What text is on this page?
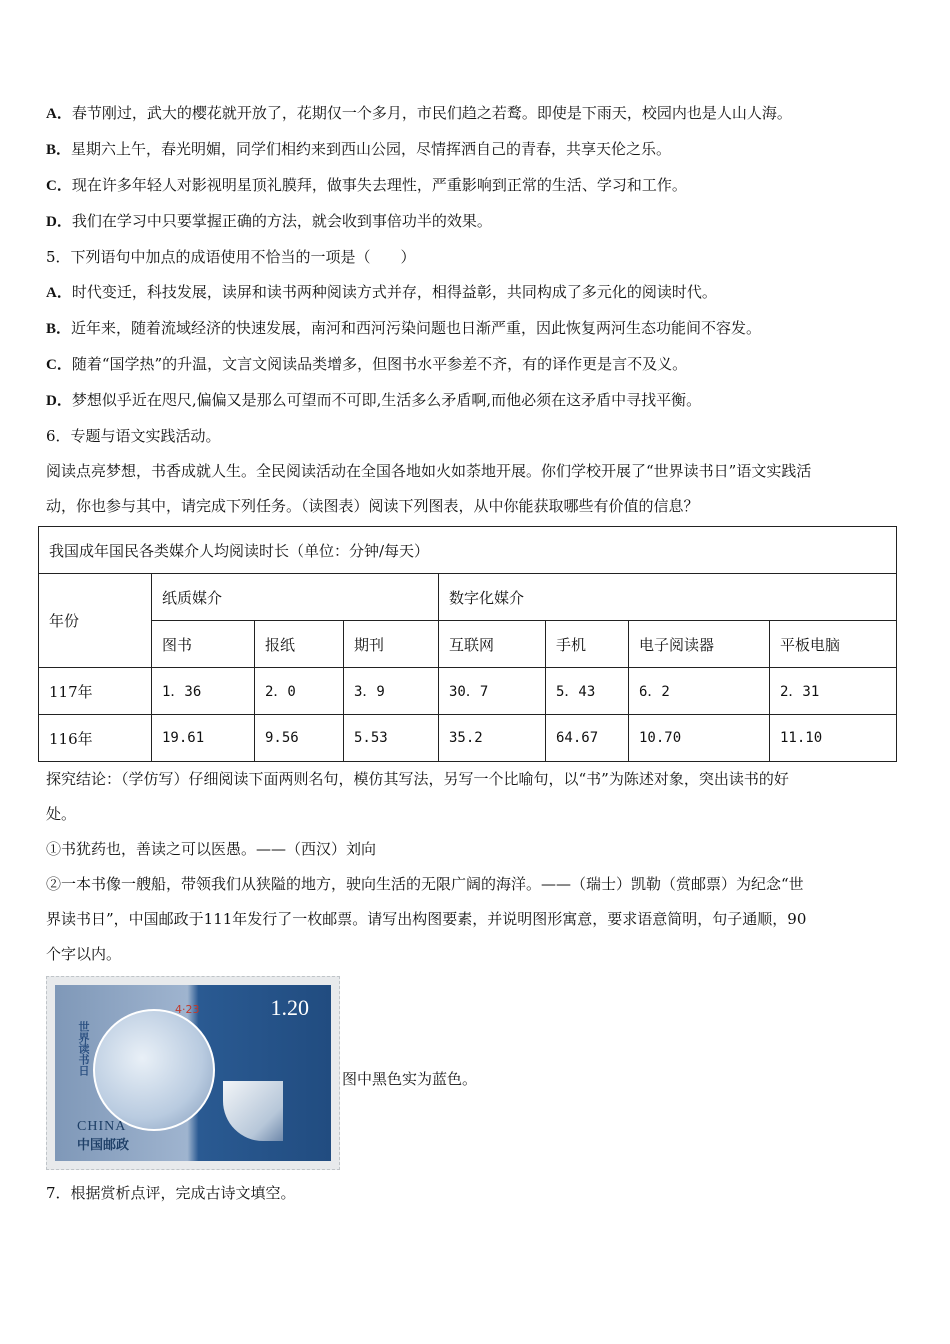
A．春节刚过，武大的樱花就开放了，花期仅一个多月，市民们趋之若鹜。即使是下雨天，校园内也是人山人海。
B．星期六上午，春光明媚，同学们相约来到西山公园，尽情挥洒自己的青春，共享天伦之乐。
C．现在许多年轻人对影视明星顶礼膜拜，做事失去理性，严重影响到正常的生活、学习和工作。
D．我们在学习中只要掌握正确的方法，就会收到事倍功半的效果。
5．下列语句中加点的成语使用不恰当的一项是（　　）
A．时代变迁，科技发展，读屏和读书两种阅读方式并存，相得益彰，共同构成了多元化的阅读时代。
B．近年来，随着流域经济的快速发展，南河和西河污染问题也日渐严重，因此恢复两河生态功能间不容发。
C．随着“国学热”的升温，文言文阅读品类增多，但图书水平参差不齐，有的译作更是言不及义。
D．梦想似乎近在咫尺,偏偏又是那么可望而不可即,生活多么矛盾啊,而他必须在这矛盾中寻找平衡。
6．专题与语文实践活动。
阅读点亮梦想，书香成就人生。全民阅读活动在全国各地如火如荼地开展。你们学校开展了“世界读书日”语文实践活
动，你也参与其中，请完成下列任务。（读图表）阅读下列图表，从中你能获取哪些有价值的信息？
我国成年国民各类媒介人均阅读时长（单位：分钟/每天）							
年份	纸质媒介			数字化媒介			
	图书	报纸	期刊	互联网	手机	电子阅读器	平板电脑
117年	1．36	2．0	3．9	30．7	5．43	6．2	2．31
116年	19.61	9.56	5.53	35.2	64.67	10.70	11.10
探究结论：（学仿写）仔细阅读下面两则名句，模仿其写法，另写一个比喻句，以“书”为陈述对象，突出读书的好
处。
①书犹药也，善读之可以医愚。——（西汉）刘向
②一本书像一艘船，带领我们从狭隘的地方，驶向生活的无限广阔的海洋。——（瑞士）凯勒（赏邮票）为纪念“世
界读书日”，中国邮政于111年发行了一枚邮票。请写出构图要素，并说明图形寓意，要求语意简明，句子通顺，90
个字以内。
1.20
4·23
世界读书日
CHINA
中国邮政
图中黑色实为蓝色。
7．根据赏析点评，完成古诗文填空。
